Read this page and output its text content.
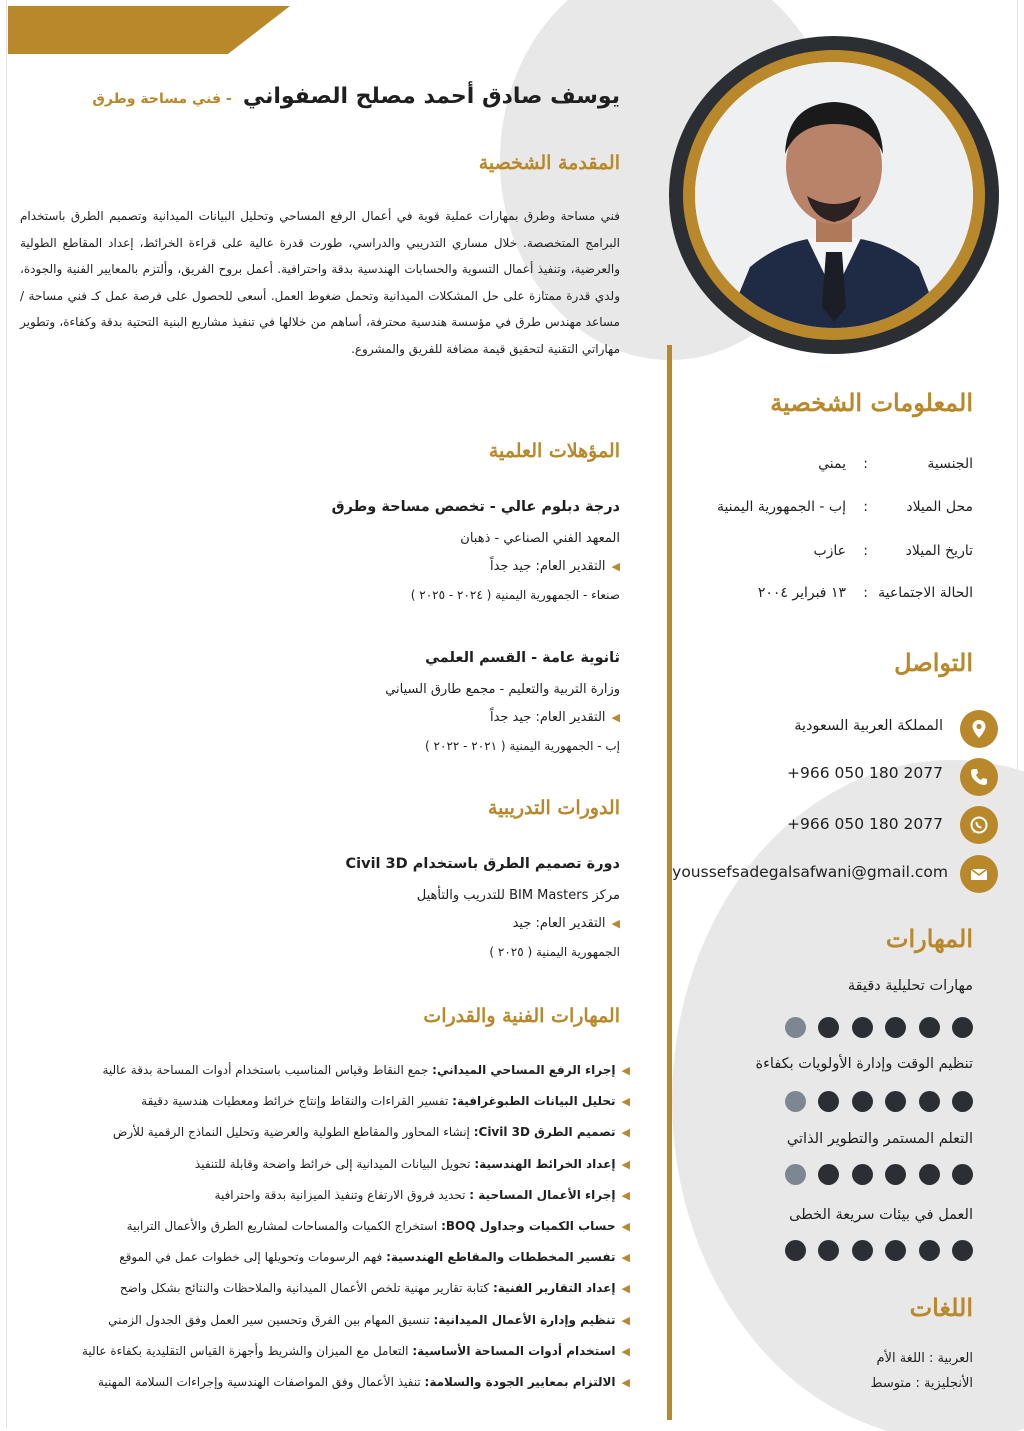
يوسف صادق أحمد مصلح الصفواني - فني مساحة وطرق
المقدمة الشخصية
فني مساحة وطرق بمهارات عملية قوية في أعمال الرفع المساحي وتحليل البيانات الميدانية وتصميم الطرق باستخدام البرامج المتخصصة. خلال مساري التدريبي والدراسي، طورت قدرة عالية على قراءة الخرائط، إعداد المقاطع الطولية والعرضية، وتنفيذ أعمال التسوية والحسابات الهندسية بدقة واحترافية. أعمل بروح الفريق، وألتزم بالمعايير الفنية والجودة، ولدي قدرة ممتازة على حل المشكلات الميدانية وتحمل ضغوط العمل. أسعى للحصول على فرصة عمل كـ فني مساحة / مساعد مهندس طرق في مؤسسة هندسية محترفة، أساهم من خلالها في تنفيذ مشاريع البنية التحتية بدقة وكفاءة، وتطوير مهاراتي التقنية لتحقيق قيمة مضافة للفريق والمشروع.
المؤهلات العلمية
درجة دبلوم عالي - تخصص مساحة وطرق
المعهد الفني الصناعي - ذهبان
◀التقدير العام: جيد جداً
صنعاء - الجمهورية اليمنية ( ٢٠٢٤ - ٢٠٢٥ )
ثانوية عامة - القسم العلمي
وزارة التربية والتعليم - مجمع طارق السياني
◀التقدير العام: جيد جداً
إب - الجمهورية اليمنية ( ٢٠٢١ - ٢٠٢٢ )
الدورات التدريبية
دورة تصميم الطرق باستخدام Civil 3D
مركز BIM Masters للتدريب والتأهيل
◀التقدير العام: جيد
الجمهورية اليمنية ( ٢٠٢٥ )
المهارات الفنية والقدرات
◀إجراء الرفع المساحي الميداني: جمع النقاط وقياس المناسيب باستخدام أدوات المساحة بدقة عالية
◀تحليل البيانات الطبوغرافية: تفسير القراءات والنقاط وإنتاج خرائط ومعطيات هندسية دقيقة
◀تصميم الطرق Civil 3D: إنشاء المحاور والمقاطع الطولية والعرضية وتحليل النماذج الرقمية للأرض
◀إعداد الخرائط الهندسية: تحويل البيانات الميدانية إلى خرائط واضحة وقابلة للتنفيذ
◀إجراء الأعمال المساحية : تحديد فروق الارتفاع وتنفيذ الميزانية بدقة واحترافية
◀حساب الكميات وجداول BOQ: استخراج الكميات والمساحات لمشاريع الطرق والأعمال الترابية
◀تفسير المخططات والمقاطع الهندسية: فهم الرسومات وتحويلها إلى خطوات عمل في الموقع
◀إعداد التقارير الفنية: كتابة تقارير مهنية تلخص الأعمال الميدانية والملاحظات والنتائج بشكل واضح
◀تنظيم وإدارة الأعمال الميدانية: تنسيق المهام بين الفرق وتحسين سير العمل وفق الجدول الزمني
◀استخدام أدوات المساحة الأساسية: التعامل مع الميزان والشريط وأجهزة القياس التقليدية بكفاءة عالية
◀الالتزام بمعايير الجودة والسلامة: تنفيذ الأعمال وفق المواصفات الهندسية وإجراءات السلامة المهنية
المعلومات الشخصية
الجنسية:يمني
محل الميلاد:إب - الجمهورية اليمنية
تاريخ الميلاد:عازب
الحالة الاجتماعية:١٣ فبراير ٢٠٠٤
التواصل
المملكة العربية السعودية
+966 050 180 2077
+966 050 180 2077
youssefsadegalsafwani@gmail.com
المهارات
مهارات تحليلية دقيقة
تنظيم الوقت وإدارة الأولويات بكفاءة
التعلم المستمر والتطوير الذاتي
العمل في بيئات سريعة الخطى
اللغات
العربية : اللغة الأم
الأنجليزية : متوسط
